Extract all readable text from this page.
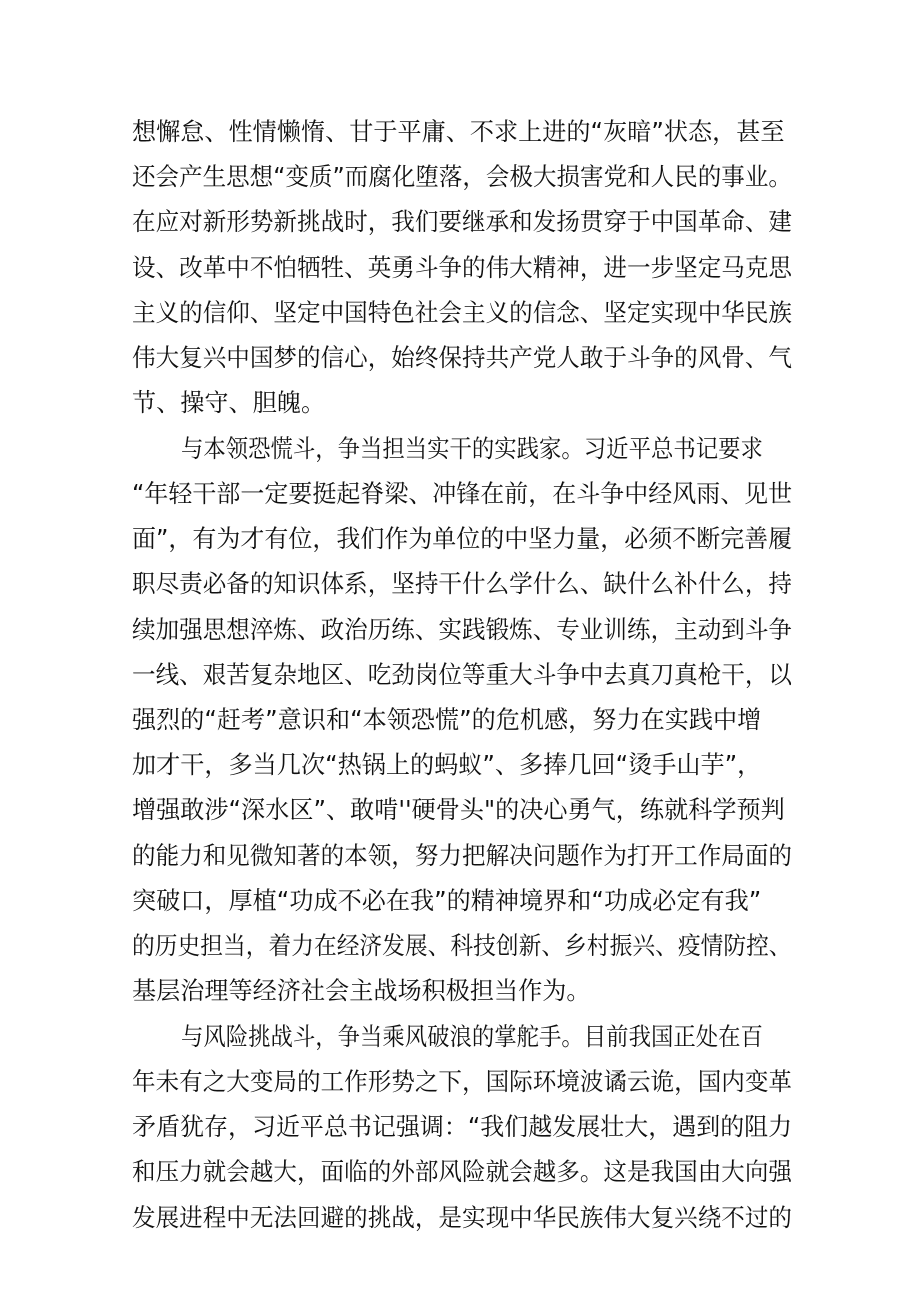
想懈怠、性情懒惰、甘于平庸、不求上进的“灰暗”状态，甚至
还会产生思想“变质”而腐化堕落，会极大损害党和人民的事业。
在应对新形势新挑战时，我们要继承和发扬贯穿于中国革命、建
设、改革中不怕牺牲、英勇斗争的伟大精神，进一步坚定马克思
主义的信仰、坚定中国特色社会主义的信念、坚定实现中华民族
伟大复兴中国梦的信心，始终保持共产党人敢于斗争的风骨、气
节、操守、胆魄。
与本领恐慌斗，争当担当实干的实践家。习近平总书记要求
“年轻干部一定要挺起脊梁、冲锋在前，在斗争中经风雨、见世
面”，有为才有位，我们作为单位的中坚力量，必须不断完善履
职尽责必备的知识体系，坚持干什么学什么、缺什么补什么，持
续加强思想淬炼、政治历练、实践锻炼、专业训练，主动到斗争
一线、艰苦复杂地区、吃劲岗位等重大斗争中去真刀真枪干，以
强烈的“赶考”意识和“本领恐慌”的危机感，努力在实践中增
加才干，多当几次“热锅上的蚂蚁”、多捧几回“烫手山芋”，
增强敢涉“深水区”、敢啃''硬骨头"的决心勇气，练就科学预判
的能力和见微知著的本领，努力把解决问题作为打开工作局面的
突破口，厚植“功成不必在我”的精神境界和“功成必定有我”
的历史担当，着力在经济发展、科技创新、乡村振兴、疫情防控、
基层治理等经济社会主战场积极担当作为。
与风险挑战斗，争当乘风破浪的掌舵手。目前我国正处在百
年未有之大变局的工作形势之下，国际环境波谲云诡，国内变革
矛盾犹存，习近平总书记强调：“我们越发展壮大，遇到的阻力
和压力就会越大，面临的外部风险就会越多。这是我国由大向强
发展进程中无法回避的挑战，是实现中华民族伟大复兴绕不过的
